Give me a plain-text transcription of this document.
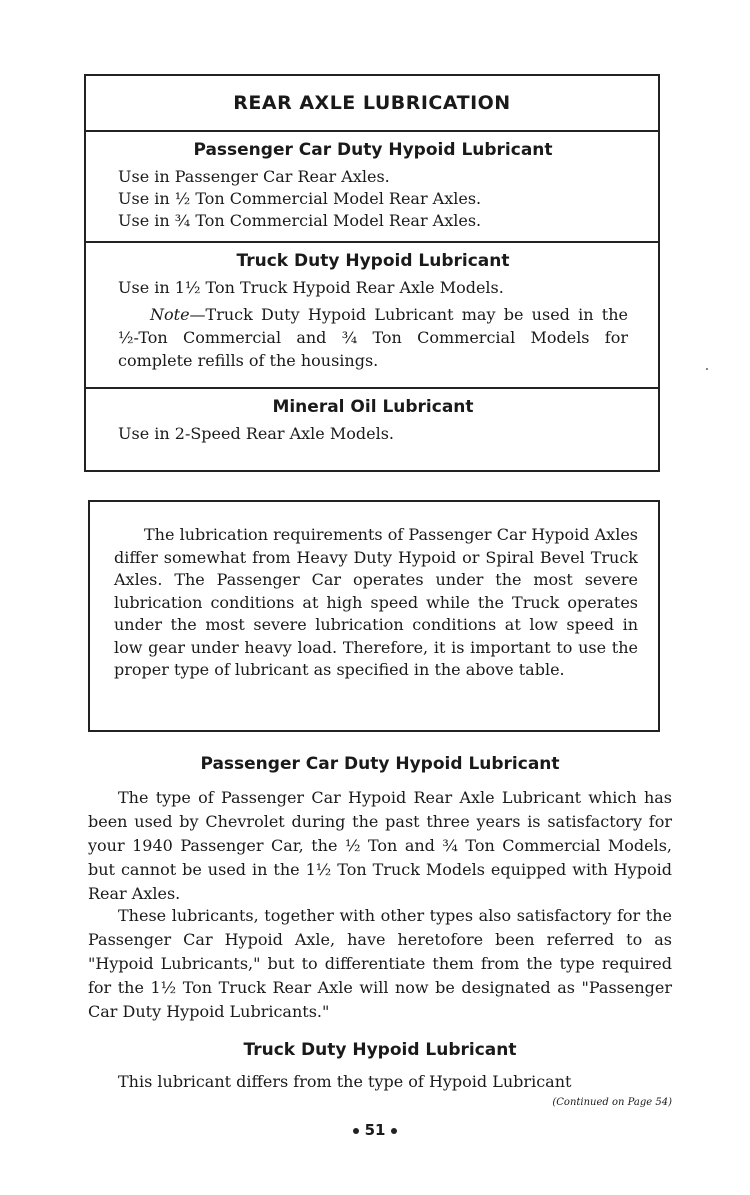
REAR AXLE LUBRICATION
Passenger Car Duty Hypoid Lubricant
Use in Passenger Car Rear Axles.
Use in ½ Ton Commercial Model Rear Axles.
Use in ¾ Ton Commercial Model Rear Axles.
Truck Duty Hypoid Lubricant
Use in 1½ Ton Truck Hypoid Rear Axle Models.
Note—Truck Duty Hypoid Lubricant may be used in the ½-Ton Commercial and ¾ Ton Commercial Models for complete refills of the housings.
Mineral Oil Lubricant
Use in 2-Speed Rear Axle Models.

The lubrication requirements of Passenger Car Hypoid Axles differ somewhat from Heavy Duty Hypoid or Spiral Bevel Truck Axles. The Passenger Car operates under the most severe lubrication conditions at high speed while the Truck operates under the most severe lubrication conditions at low speed in low gear under heavy load. Therefore, it is important to use the proper type of lubricant as specified in the above table.

Passenger Car Duty Hypoid Lubricant

The type of Passenger Car Hypoid Rear Axle Lubricant which has been used by Chevrolet during the past three years is satisfactory for your 1940 Passenger Car, the ½ Ton and ¾ Ton Commercial Models, but cannot be used in the 1½ Ton Truck Models equipped with Hypoid Rear Axles.

These lubricants, together with other types also satisfactory for the Passenger Car Hypoid Axle, have heretofore been referred to as "Hypoid Lubricants," but to differentiate them from the type required for the 1½ Ton Truck Rear Axle will now be designated as "Passenger Car Duty Hypoid Lubricants."

Truck Duty Hypoid Lubricant

This lubricant differs from the type of Hypoid Lubricant

(Continued on Page 54)
51
